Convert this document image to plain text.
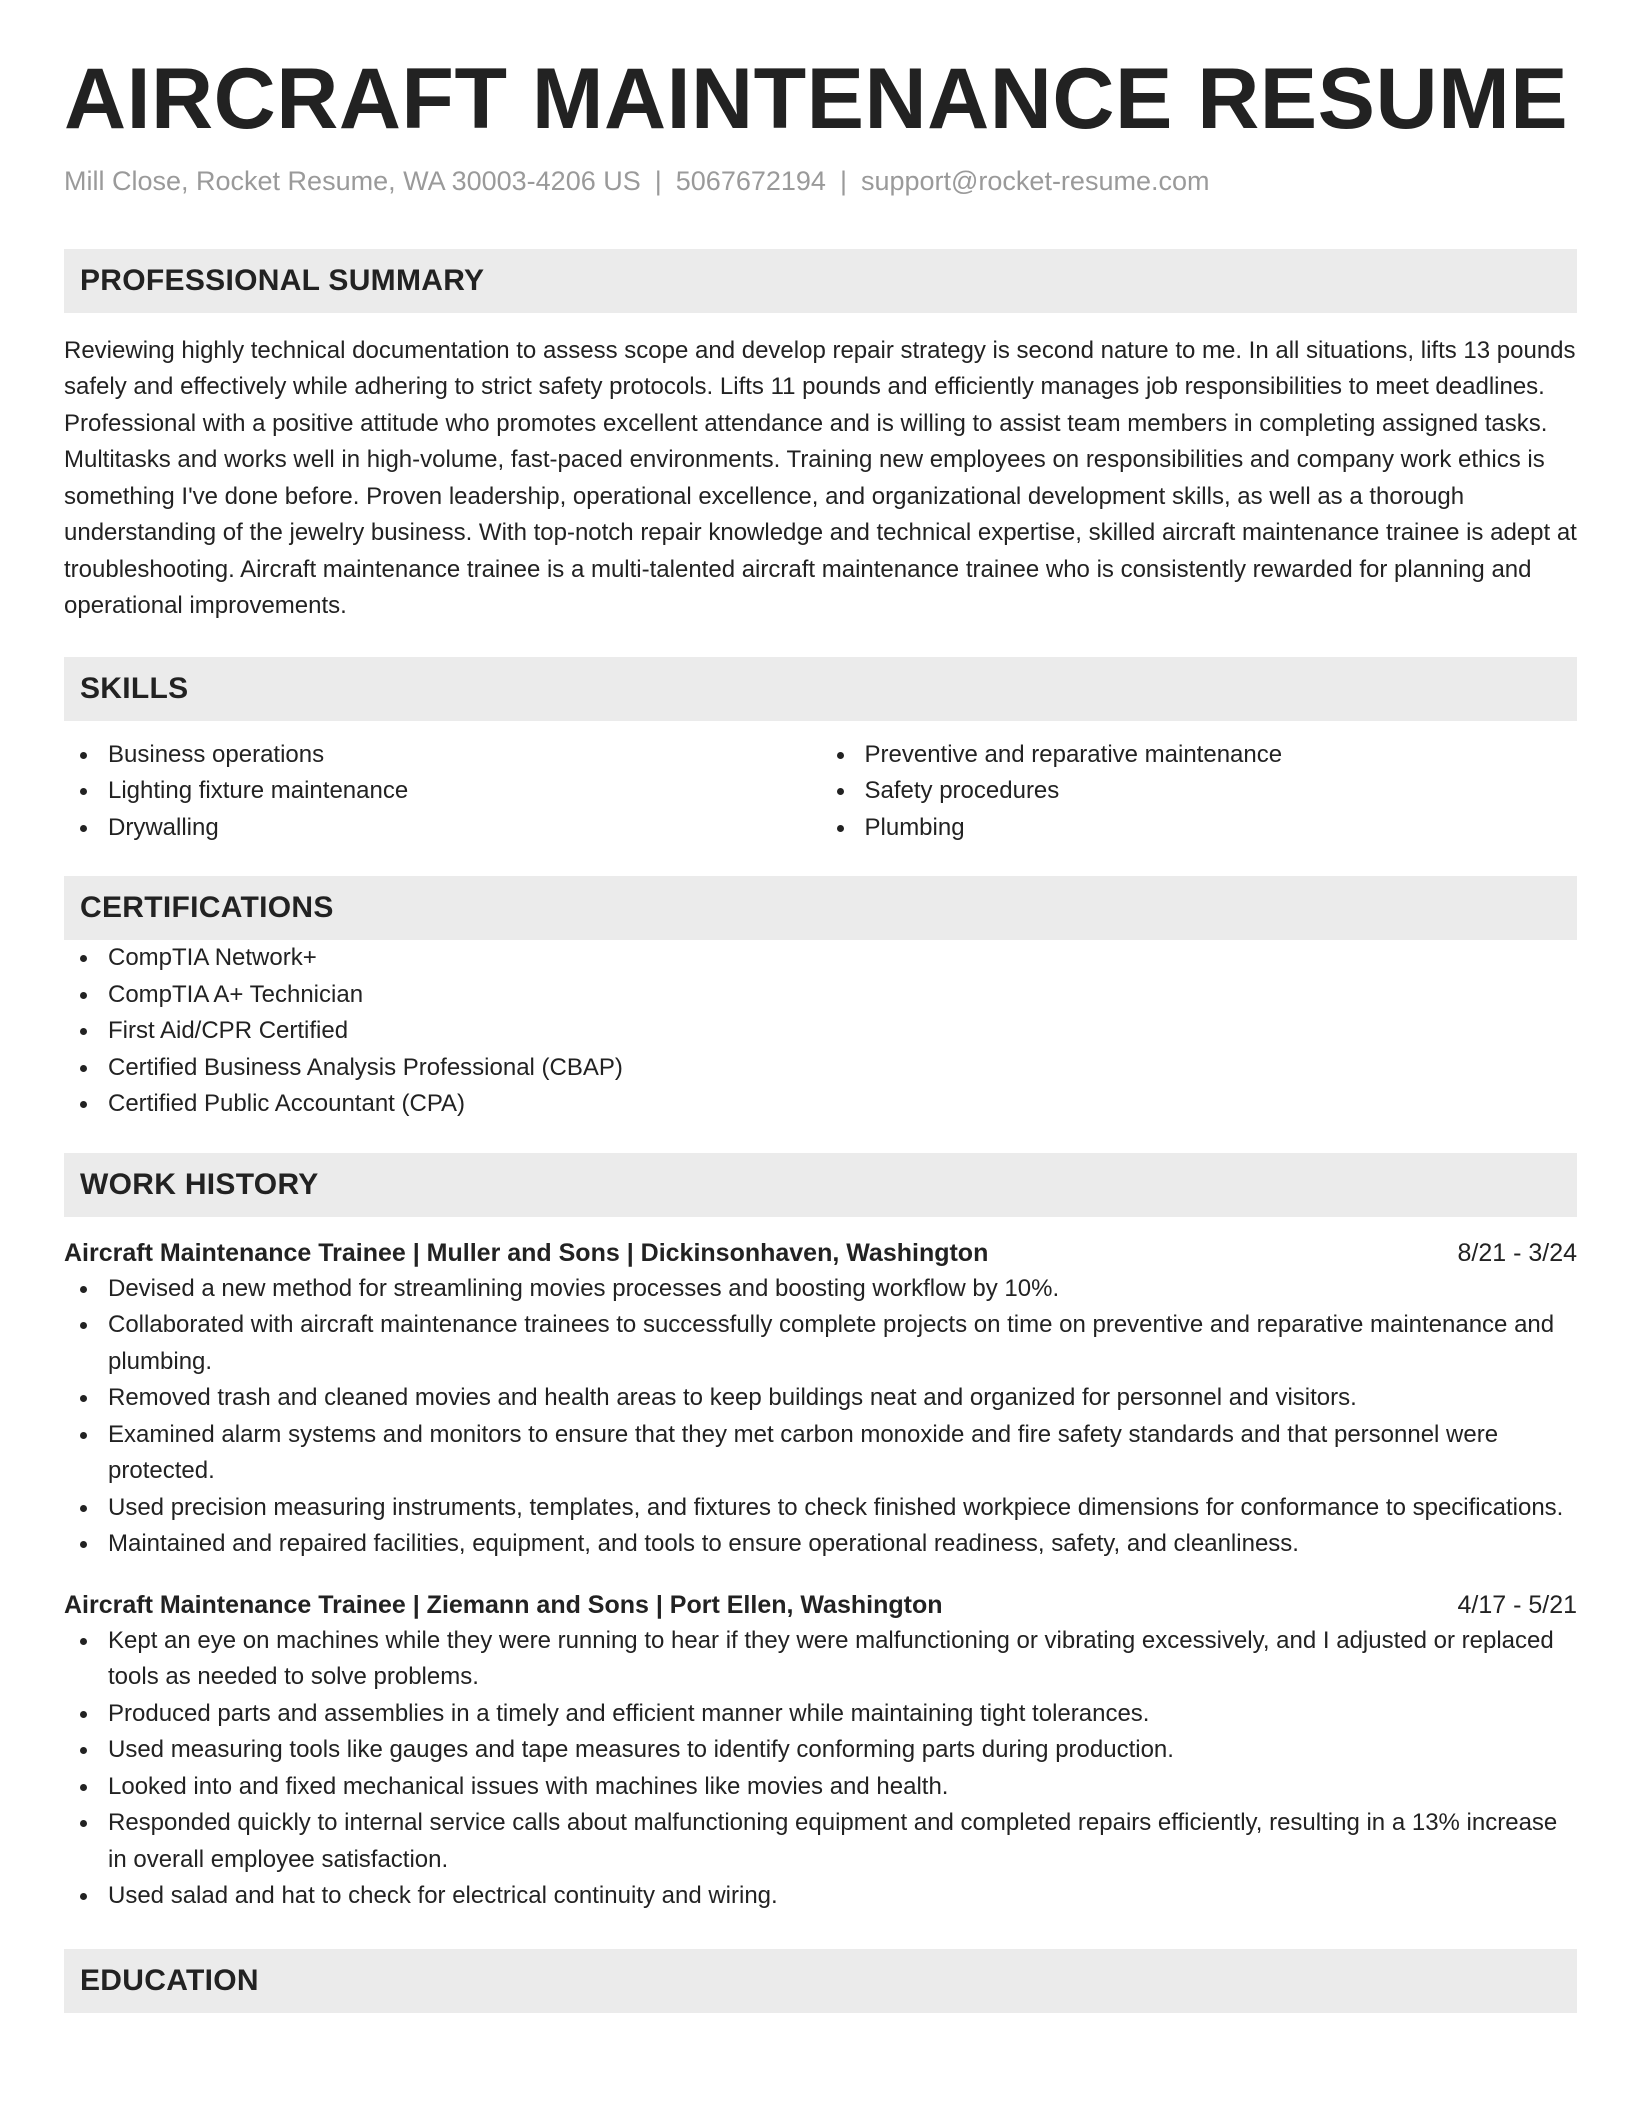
AIRCRAFT MAINTENANCE RESUME
Mill Close, Rocket Resume, WA 30003-4206 US | 5067672194 | support@rocket-resume.com
PROFESSIONAL SUMMARY

Reviewing highly technical documentation to assess scope and develop repair strategy is second nature to me. In all situations, lifts 13 pounds safely and effectively while adhering to strict safety protocols. Lifts 11 pounds and efficiently manages job responsibilities to meet deadlines. Professional with a positive attitude who promotes excellent attendance and is willing to assist team members in completing assigned tasks. Multitasks and works well in high-volume, fast-paced environments. Training new employees on responsibilities and company work ethics is something I've done before. Proven leadership, operational excellence, and organizational development skills, as well as a thorough understanding of the jewelry business. With top-notch repair knowledge and technical expertise, skilled aircraft maintenance trainee is adept at troubleshooting. Aircraft maintenance trainee is a multi-talented aircraft maintenance trainee who is consistently rewarded for planning and operational improvements.

SKILLS
Business operations
Lighting fixture maintenance
Drywalling
Preventive and reparative maintenance
Safety procedures
Plumbing
CERTIFICATIONS
CompTIA Network+
CompTIA A+ Technician
First Aid/CPR Certified
Certified Business Analysis Professional (CBAP)
Certified Public Accountant (CPA)
WORK HISTORY
Aircraft Maintenance Trainee | Muller and Sons | Dickinsonhaven, Washington	8/21 - 3/24
Devised a new method for streamlining movies processes and boosting workflow by 10%.
Collaborated with aircraft maintenance trainees to successfully complete projects on time on preventive and reparative maintenance and plumbing.
Removed trash and cleaned movies and health areas to keep buildings neat and organized for personnel and visitors.
Examined alarm systems and monitors to ensure that they met carbon monoxide and fire safety standards and that personnel were protected.
Used precision measuring instruments, templates, and fixtures to check finished workpiece dimensions for conformance to specifications.
Maintained and repaired facilities, equipment, and tools to ensure operational readiness, safety, and cleanliness.
Aircraft Maintenance Trainee | Ziemann and Sons | Port Ellen, Washington	4/17 - 5/21
Kept an eye on machines while they were running to hear if they were malfunctioning or vibrating excessively, and I adjusted or replaced tools as needed to solve problems.
Produced parts and assemblies in a timely and efficient manner while maintaining tight tolerances.
Used measuring tools like gauges and tape measures to identify conforming parts during production.
Looked into and fixed mechanical issues with machines like movies and health.
Responded quickly to internal service calls about malfunctioning equipment and completed repairs efficiently, resulting in a 13% increase in overall employee satisfaction.
Used salad and hat to check for electrical continuity and wiring.
EDUCATION
